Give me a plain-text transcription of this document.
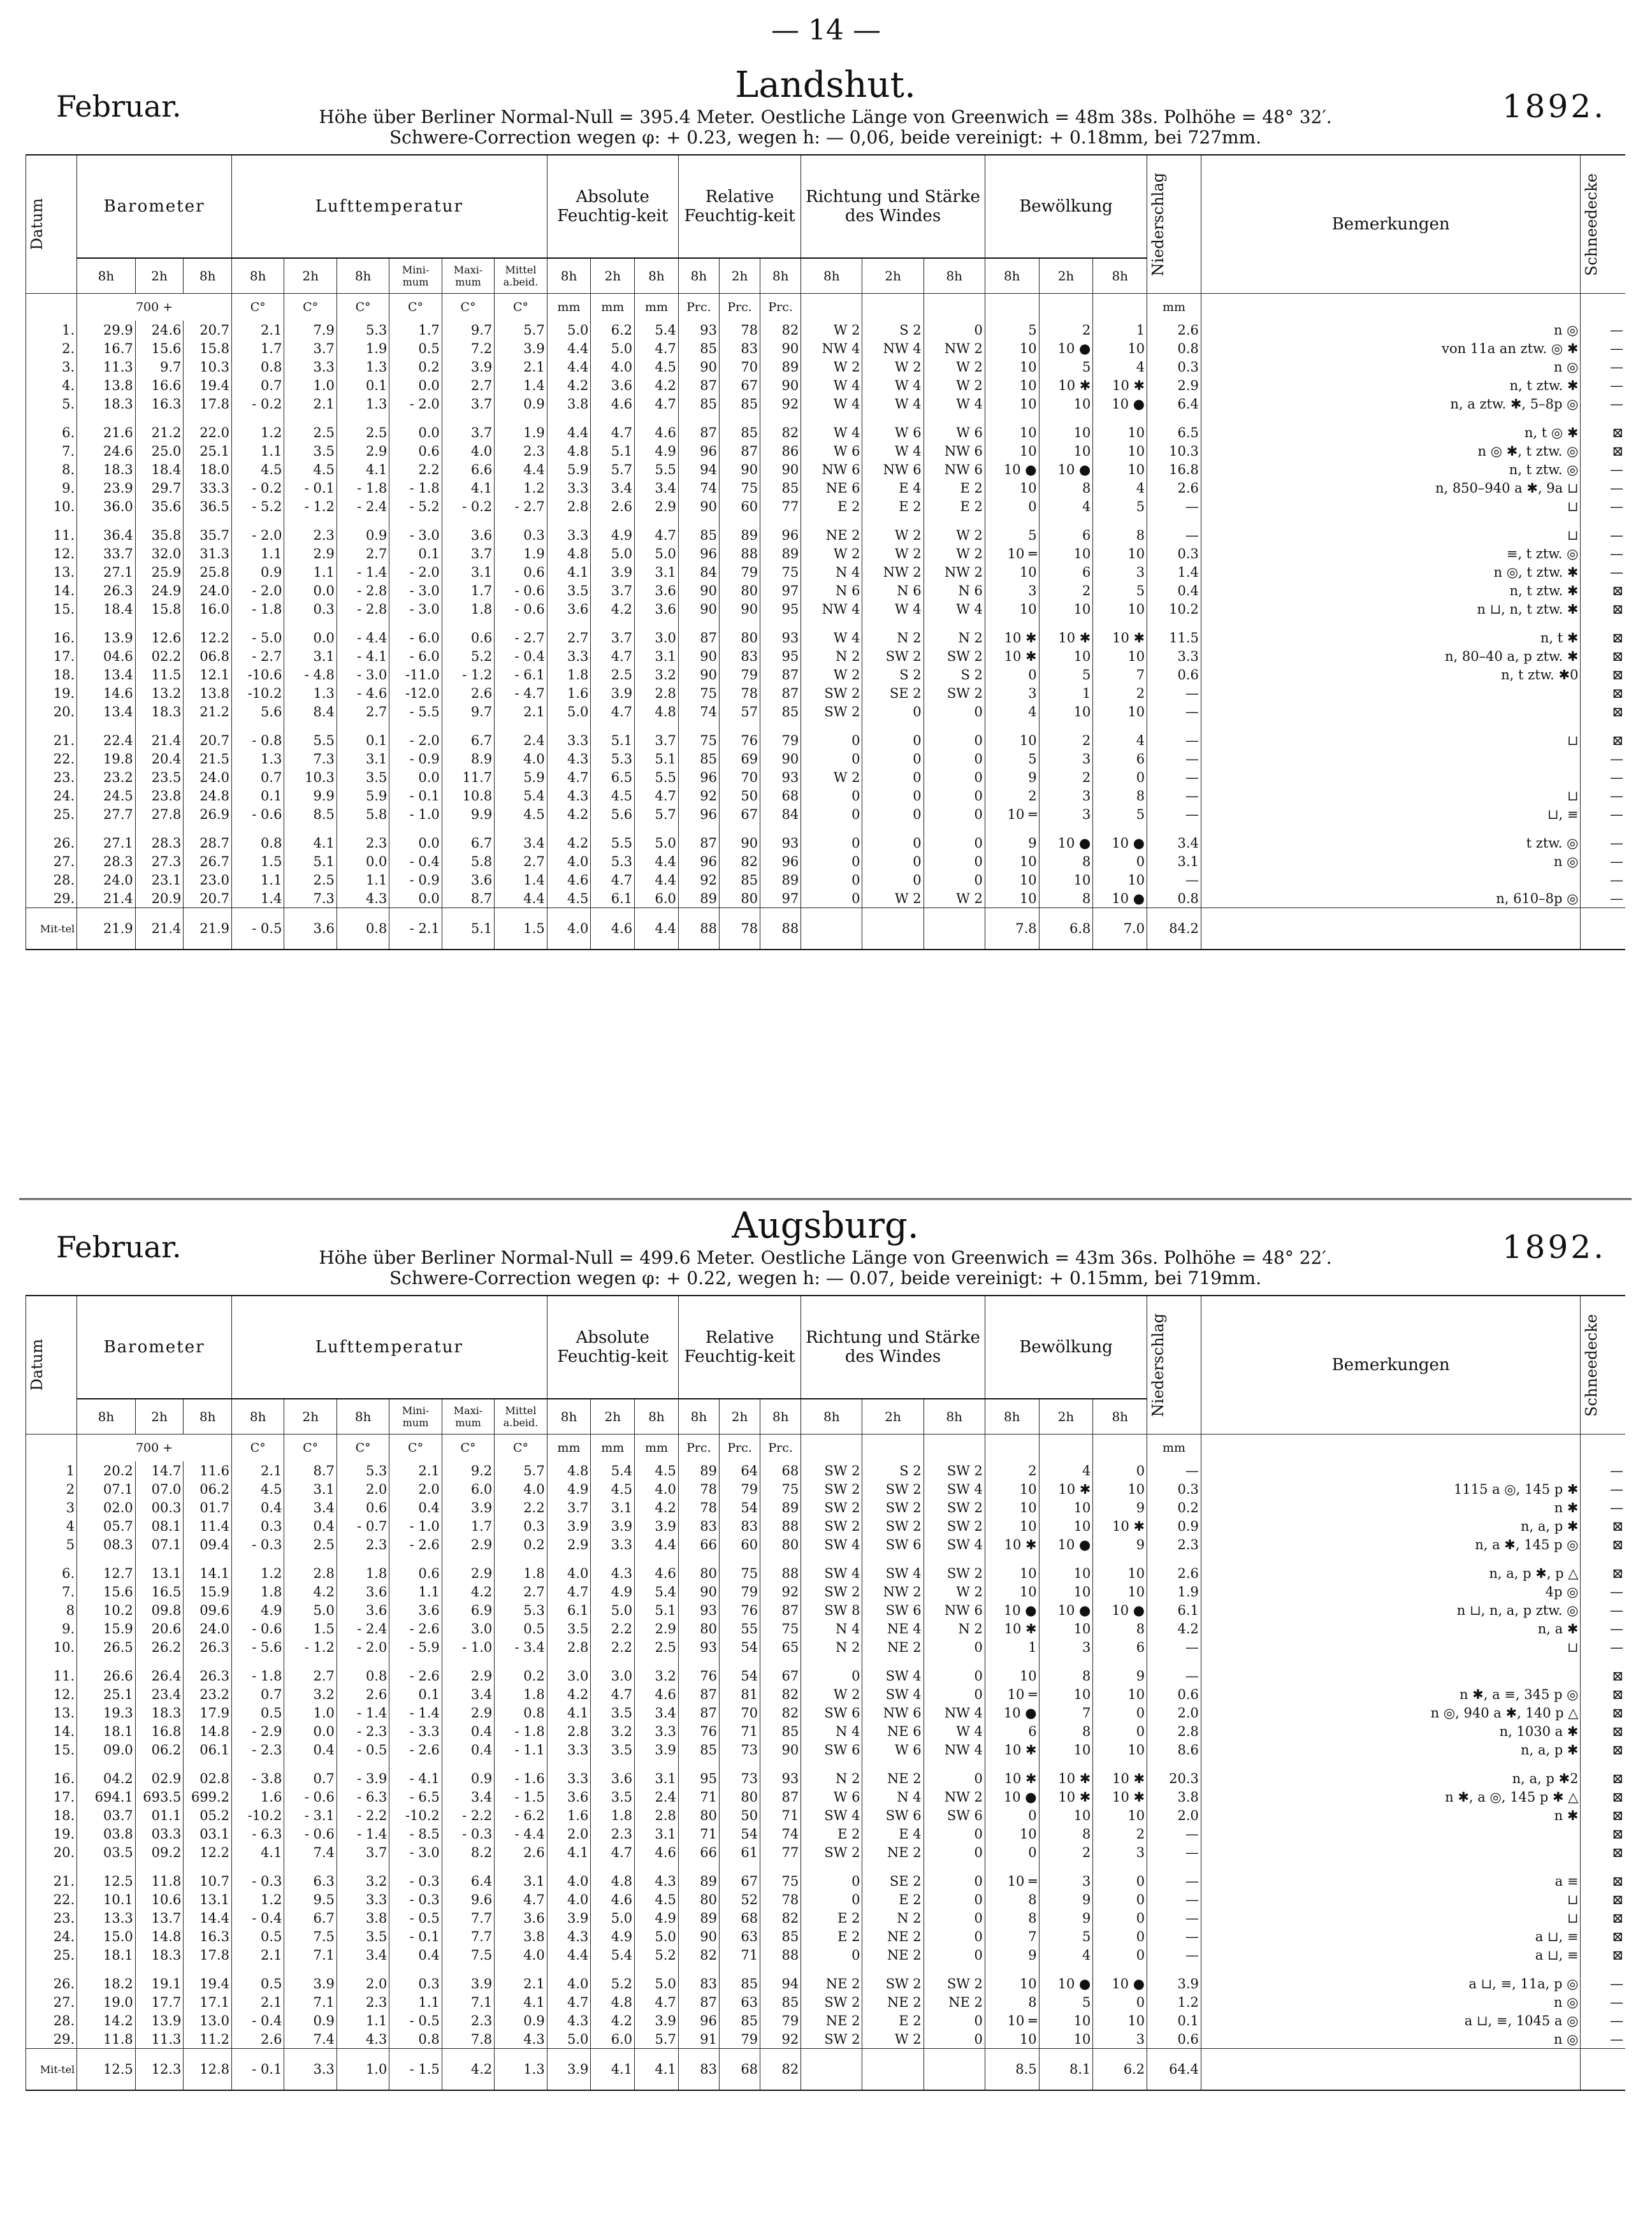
— 14 —
Landshut.
Februar.	1892.
Höhe über Berliner Normal-Null = 395.4 Meter. Oestliche Länge von Greenwich = 48m 38s. Polhöhe = 48° 32′.
Schwere-Correction wegen φ: + 0.23, wegen h: — 0,06, beide vereinigt: + 0.18mm, bei 727mm.
Datum	Barometer			Lufttemperatur						Absolute Feuchtig-keit			Relative Feuchtig-keit			Richtung und Stärke des Windes			Bewölkung			Niederschlag	Bemerkungen	Schneedecke

	8h	2h	8h	8h	2h	8h	Mini-mum	Maxi-mum	Mittel a.beid.	8h	2h	8h	8h	2h	8h	8h	2h	8h	8h	2h	8h			
	700 +			C°	C°	C°	C°	C°	C°	mm	mm	mm	Prc.	Prc.	Prc.							mm		
1.	29.9	24.6	20.7	2.1	7.9	5.3	1.7	9.7	5.7	5.0	6.2	5.4	93	78	82	W 2	S 2	0	5	2	1	2.6	n ◎	—
2.	16.7	15.6	15.8	1.7	3.7	1.9	0.5	7.2	3.9	4.4	5.0	4.7	85	83	90	NW 4	NW 4	NW 2	10	10 ●	10	0.8	von 11a an ztw. ◎ ✱	—
3.	11.3	9.7	10.3	0.8	3.3	1.3	0.2	3.9	2.1	4.4	4.0	4.5	90	70	89	W 2	W 2	W 2	10	5	4	0.3	n ◎	—
4.	13.8	16.6	19.4	0.7	1.0	0.1	0.0	2.7	1.4	4.2	3.6	4.2	87	67	90	W 4	W 4	W 2	10	10 ✱	10 ✱	2.9	n, t ztw. ✱	—
5.	18.3	16.3	17.8	- 0.2	2.1	1.3	- 2.0	3.7	0.9	3.8	4.6	4.7	85	85	92	W 4	W 4	W 4	10	10	10 ●	6.4	n, a ztw. ✱, 5–8p ◎	—

6.	21.6	21.2	22.0	1.2	2.5	2.5	0.0	3.7	1.9	4.4	4.7	4.6	87	85	82	W 4	W 6	W 6	10	10	10	6.5	n, t ◎ ✱	⊠
7.	24.6	25.0	25.1	1.1	3.5	2.9	0.6	4.0	2.3	4.8	5.1	4.9	96	87	86	W 6	W 4	NW 6	10	10	10	10.3	n ◎ ✱, t ztw. ◎	⊠
8.	18.3	18.4	18.0	4.5	4.5	4.1	2.2	6.6	4.4	5.9	5.7	5.5	94	90	90	NW 6	NW 6	NW 6	10 ●	10 ●	10	16.8	n, t ztw. ◎	—
9.	23.9	29.7	33.3	- 0.2	- 0.1	- 1.8	- 1.8	4.1	1.2	3.3	3.4	3.4	74	75	85	NE 6	E 4	E 2	10	8	4	2.6	n, 850–940 a ✱, 9a ⊔	—
10.	36.0	35.6	36.5	- 5.2	- 1.2	- 2.4	- 5.2	- 0.2	- 2.7	2.8	2.6	2.9	90	60	77	E 2	E 2	E 2	0	4	5	—	⊔	—

11.	36.4	35.8	35.7	- 2.0	2.3	0.9	- 3.0	3.6	0.3	3.3	4.9	4.7	85	89	96	NE 2	W 2	W 2	5	6	8	—	⊔	—
12.	33.7	32.0	31.3	1.1	2.9	2.7	0.1	3.7	1.9	4.8	5.0	5.0	96	88	89	W 2	W 2	W 2	10 ═	10	10	0.3	≡, t ztw. ◎	—
13.	27.1	25.9	25.8	0.9	1.1	- 1.4	- 2.0	3.1	0.6	4.1	3.9	3.1	84	79	75	N 4	NW 2	NW 2	10	6	3	1.4	n ◎, t ztw. ✱	—
14.	26.3	24.9	24.0	- 2.0	0.0	- 2.8	- 3.0	1.7	- 0.6	3.5	3.7	3.6	90	80	97	N 6	N 6	N 6	3	2	5	0.4	n, t ztw. ✱	⊠
15.	18.4	15.8	16.0	- 1.8	0.3	- 2.8	- 3.0	1.8	- 0.6	3.6	4.2	3.6	90	90	95	NW 4	W 4	W 4	10	10	10	10.2	n ⊔, n, t ztw. ✱	⊠

16.	13.9	12.6	12.2	- 5.0	0.0	- 4.4	- 6.0	0.6	- 2.7	2.7	3.7	3.0	87	80	93	W 4	N 2	N 2	10 ✱	10 ✱	10 ✱	11.5	n, t ✱	⊠
17.	04.6	02.2	06.8	- 2.7	3.1	- 4.1	- 6.0	5.2	- 0.4	3.3	4.7	3.1	90	83	95	N 2	SW 2	SW 2	10 ✱	10	10	3.3	n, 80–40 a, p ztw. ✱	⊠
18.	13.4	11.5	12.1	-10.6	- 4.8	- 3.0	-11.0	- 1.2	- 6.1	1.8	2.5	3.2	90	79	87	W 2	S 2	S 2	0	5	7	0.6	n, t ztw. ✱0	⊠
19.	14.6	13.2	13.8	-10.2	1.3	- 4.6	-12.0	2.6	- 4.7	1.6	3.9	2.8	75	78	87	SW 2	SE 2	SW 2	3	1	2	—		⊠
20.	13.4	18.3	21.2	5.6	8.4	2.7	- 5.5	9.7	2.1	5.0	4.7	4.8	74	57	85	SW 2	0	0	4	10	10	—		⊠

21.	22.4	21.4	20.7	- 0.8	5.5	0.1	- 2.0	6.7	2.4	3.3	5.1	3.7	75	76	79	0	0	0	10	2	4	—	⊔	⊠
22.	19.8	20.4	21.5	1.3	7.3	3.1	- 0.9	8.9	4.0	4.3	5.3	5.1	85	69	90	0	0	0	5	3	6	—		—
23.	23.2	23.5	24.0	0.7	10.3	3.5	0.0	11.7	5.9	4.7	6.5	5.5	96	70	93	W 2	0	0	9	2	0	—		—
24.	24.5	23.8	24.8	0.1	9.9	5.9	- 0.1	10.8	5.4	4.3	4.5	4.7	92	50	68	0	0	0	2	3	8	—	⊔	—
25.	27.7	27.8	26.9	- 0.6	8.5	5.8	- 1.0	9.9	4.5	4.2	5.6	5.7	96	67	84	0	0	0	10 ═	3	5	—	⊔, ≡	—

26.	27.1	28.3	28.7	0.8	4.1	2.3	0.0	6.7	3.4	4.2	5.5	5.0	87	90	93	0	0	0	9	10 ●	10 ●	3.4	t ztw. ◎	—
27.	28.3	27.3	26.7	1.5	5.1	0.0	- 0.4	5.8	2.7	4.0	5.3	4.4	96	82	96	0	0	0	10	8	0	3.1	n ◎	—
28.	24.0	23.1	23.0	1.1	2.5	1.1	- 0.9	3.6	1.4	4.6	4.7	4.4	92	85	89	0	0	0	10	10	10	—		—
29.	21.4	20.9	20.7	1.4	7.3	4.3	0.0	8.7	4.4	4.5	6.1	6.0	89	80	97	0	W 2	W 2	10	8	10 ●	0.8	n, 610–8p ◎	—
Mit-tel	21.9	21.4	21.9	- 0.5	3.6	0.8	- 2.1	5.1	1.5	4.0	4.6	4.4	88	78	88				7.8	6.8	7.0	84.2		
Augsburg.
Februar.	1892.
Höhe über Berliner Normal-Null = 499.6 Meter. Oestliche Länge von Greenwich = 43m 36s. Polhöhe = 48° 22′.
Schwere-Correction wegen φ: + 0.22, wegen h: — 0.07, beide vereinigt: + 0.15mm, bei 719mm.
Datum	Barometer			Lufttemperatur						Absolute Feuchtig-keit			Relative Feuchtig-keit			Richtung und Stärke des Windes			Bewölkung			Niederschlag	Bemerkungen	Schneedecke

	8h	2h	8h	8h	2h	8h	Mini-mum	Maxi-mum	Mittel a.beid.	8h	2h	8h	8h	2h	8h	8h	2h	8h	8h	2h	8h			
	700 +			C°	C°	C°	C°	C°	C°	mm	mm	mm	Prc.	Prc.	Prc.							mm		
1	20.2	14.7	11.6	2.1	8.7	5.3	2.1	9.2	5.7	4.8	5.4	4.5	89	64	68	SW 2	S 2	SW 2	2	4	0	—		—
2	07.1	07.0	06.2	4.5	3.1	2.0	2.0	6.0	4.0	4.9	4.5	4.0	78	79	75	SW 2	SW 2	SW 4	10	10 ✱	10	0.3	1115 a ◎, 145 p ✱	—
3	02.0	00.3	01.7	0.4	3.4	0.6	0.4	3.9	2.2	3.7	3.1	4.2	78	54	89	SW 2	SW 2	SW 2	10	10	9	0.2	n ✱	—
4	05.7	08.1	11.4	0.3	0.4	- 0.7	- 1.0	1.7	0.3	3.9	3.9	3.9	83	83	88	SW 2	SW 2	SW 2	10	10	10 ✱	0.9	n, a, p ✱	⊠
5	08.3	07.1	09.4	- 0.3	2.5	2.3	- 2.6	2.9	0.2	2.9	3.3	4.4	66	60	80	SW 4	SW 6	SW 4	10 ✱	10 ●	9	2.3	n, a ✱, 145 p ◎	⊠

6.	12.7	13.1	14.1	1.2	2.8	1.8	0.6	2.9	1.8	4.0	4.3	4.6	80	75	88	SW 4	SW 4	SW 2	10	10	10	2.6	n, a, p ✱, p △	⊠
7.	15.6	16.5	15.9	1.8	4.2	3.6	1.1	4.2	2.7	4.7	4.9	5.4	90	79	92	SW 2	NW 2	W 2	10	10	10	1.9	4p ◎	—
8	10.2	09.8	09.6	4.9	5.0	3.6	3.6	6.9	5.3	6.1	5.0	5.1	93	76	87	SW 8	SW 6	NW 6	10 ●	10 ●	10 ●	6.1	n ⊔, n, a, p ztw. ◎	—
9.	15.9	20.6	24.0	- 0.6	1.5	- 2.4	- 2.6	3.0	0.5	3.5	2.2	2.9	80	55	75	N 4	NE 4	N 2	10 ✱	10	8	4.2	n, a ✱	—
10.	26.5	26.2	26.3	- 5.6	- 1.2	- 2.0	- 5.9	- 1.0	- 3.4	2.8	2.2	2.5	93	54	65	N 2	NE 2	0	1	3	6	—	⊔	—

11.	26.6	26.4	26.3	- 1.8	2.7	0.8	- 2.6	2.9	0.2	3.0	3.0	3.2	76	54	67	0	SW 4	0	10	8	9	—		⊠
12.	25.1	23.4	23.2	0.7	3.2	2.6	0.1	3.4	1.8	4.2	4.7	4.6	87	81	82	W 2	SW 4	0	10 ═	10	10	0.6	n ✱, a ≡, 345 p ◎	⊠
13.	19.3	18.3	17.9	0.5	1.0	- 1.4	- 1.4	2.9	0.8	4.1	3.5	3.4	87	70	82	SW 6	NW 6	NW 4	10 ●	7	0	2.0	n ◎, 940 a ✱, 140 p △	⊠
14.	18.1	16.8	14.8	- 2.9	0.0	- 2.3	- 3.3	0.4	- 1.8	2.8	3.2	3.3	76	71	85	N 4	NE 6	W 4	6	8	0	2.8	n, 1030 a ✱	⊠
15.	09.0	06.2	06.1	- 2.3	0.4	- 0.5	- 2.6	0.4	- 1.1	3.3	3.5	3.9	85	73	90	SW 6	W 6	NW 4	10 ✱	10	10	8.6	n, a, p ✱	⊠

16.	04.2	02.9	02.8	- 3.8	0.7	- 3.9	- 4.1	0.9	- 1.6	3.3	3.6	3.1	95	73	93	N 2	NE 2	0	10 ✱	10 ✱	10 ✱	20.3	n, a, p ✱2	⊠
17.	694.1	693.5	699.2	1.6	- 0.6	- 6.3	- 6.5	3.4	- 1.5	3.6	3.5	2.4	71	80	87	W 6	N 4	NW 2	10 ●	10 ✱	10 ✱	3.8	n ✱, a ◎, 145 p ✱ △	⊠
18.	03.7	01.1	05.2	-10.2	- 3.1	- 2.2	-10.2	- 2.2	- 6.2	1.6	1.8	2.8	80	50	71	SW 4	SW 6	SW 6	0	10	10	2.0	n ✱	⊠
19.	03.8	03.3	03.1	- 6.3	- 0.6	- 1.4	- 8.5	- 0.3	- 4.4	2.0	2.3	3.1	71	54	74	E 2	E 4	0	10	8	2	—		⊠
20.	03.5	09.2	12.2	4.1	7.4	3.7	- 3.0	8.2	2.6	4.1	4.7	4.6	66	61	77	SW 2	NE 2	0	0	2	3	—		⊠

21.	12.5	11.8	10.7	- 0.3	6.3	3.2	- 0.3	6.4	3.1	4.0	4.8	4.3	89	67	75	0	SE 2	0	10 ═	3	0	—	a ≡	⊠
22.	10.1	10.6	13.1	1.2	9.5	3.3	- 0.3	9.6	4.7	4.0	4.6	4.5	80	52	78	0	E 2	0	8	9	0	—	⊔	⊠
23.	13.3	13.7	14.4	- 0.4	6.7	3.8	- 0.5	7.7	3.6	3.9	5.0	4.9	89	68	82	E 2	N 2	0	8	9	0	—	⊔	⊠
24.	15.0	14.8	16.3	0.5	7.5	3.5	- 0.1	7.7	3.8	4.3	4.9	5.0	90	63	85	E 2	NE 2	0	7	5	0	—	a ⊔, ≡	⊠
25.	18.1	18.3	17.8	2.1	7.1	3.4	0.4	7.5	4.0	4.4	5.4	5.2	82	71	88	0	NE 2	0	9	4	0	—	a ⊔, ≡	⊠

26.	18.2	19.1	19.4	0.5	3.9	2.0	0.3	3.9	2.1	4.0	5.2	5.0	83	85	94	NE 2	SW 2	SW 2	10	10 ●	10 ●	3.9	a ⊔, ≡, 11a, p ◎	—
27.	19.0	17.7	17.1	2.1	7.1	2.3	1.1	7.1	4.1	4.7	4.8	4.7	87	63	85	SW 2	NE 2	NE 2	8	5	0	1.2	n ◎	—
28.	14.2	13.9	13.0	- 0.4	0.9	1.1	- 0.5	2.3	0.9	4.3	4.2	3.9	96	85	79	NE 2	E 2	0	10 ═	10	10	0.1	a ⊔, ≡, 1045 a ◎	—
29.	11.8	11.3	11.2	2.6	7.4	4.3	0.8	7.8	4.3	5.0	6.0	5.7	91	79	92	SW 2	W 2	0	10	10	3	0.6	n ◎	—
Mit-tel	12.5	12.3	12.8	- 0.1	3.3	1.0	- 1.5	4.2	1.3	3.9	4.1	4.1	83	68	82				8.5	8.1	6.2	64.4		
